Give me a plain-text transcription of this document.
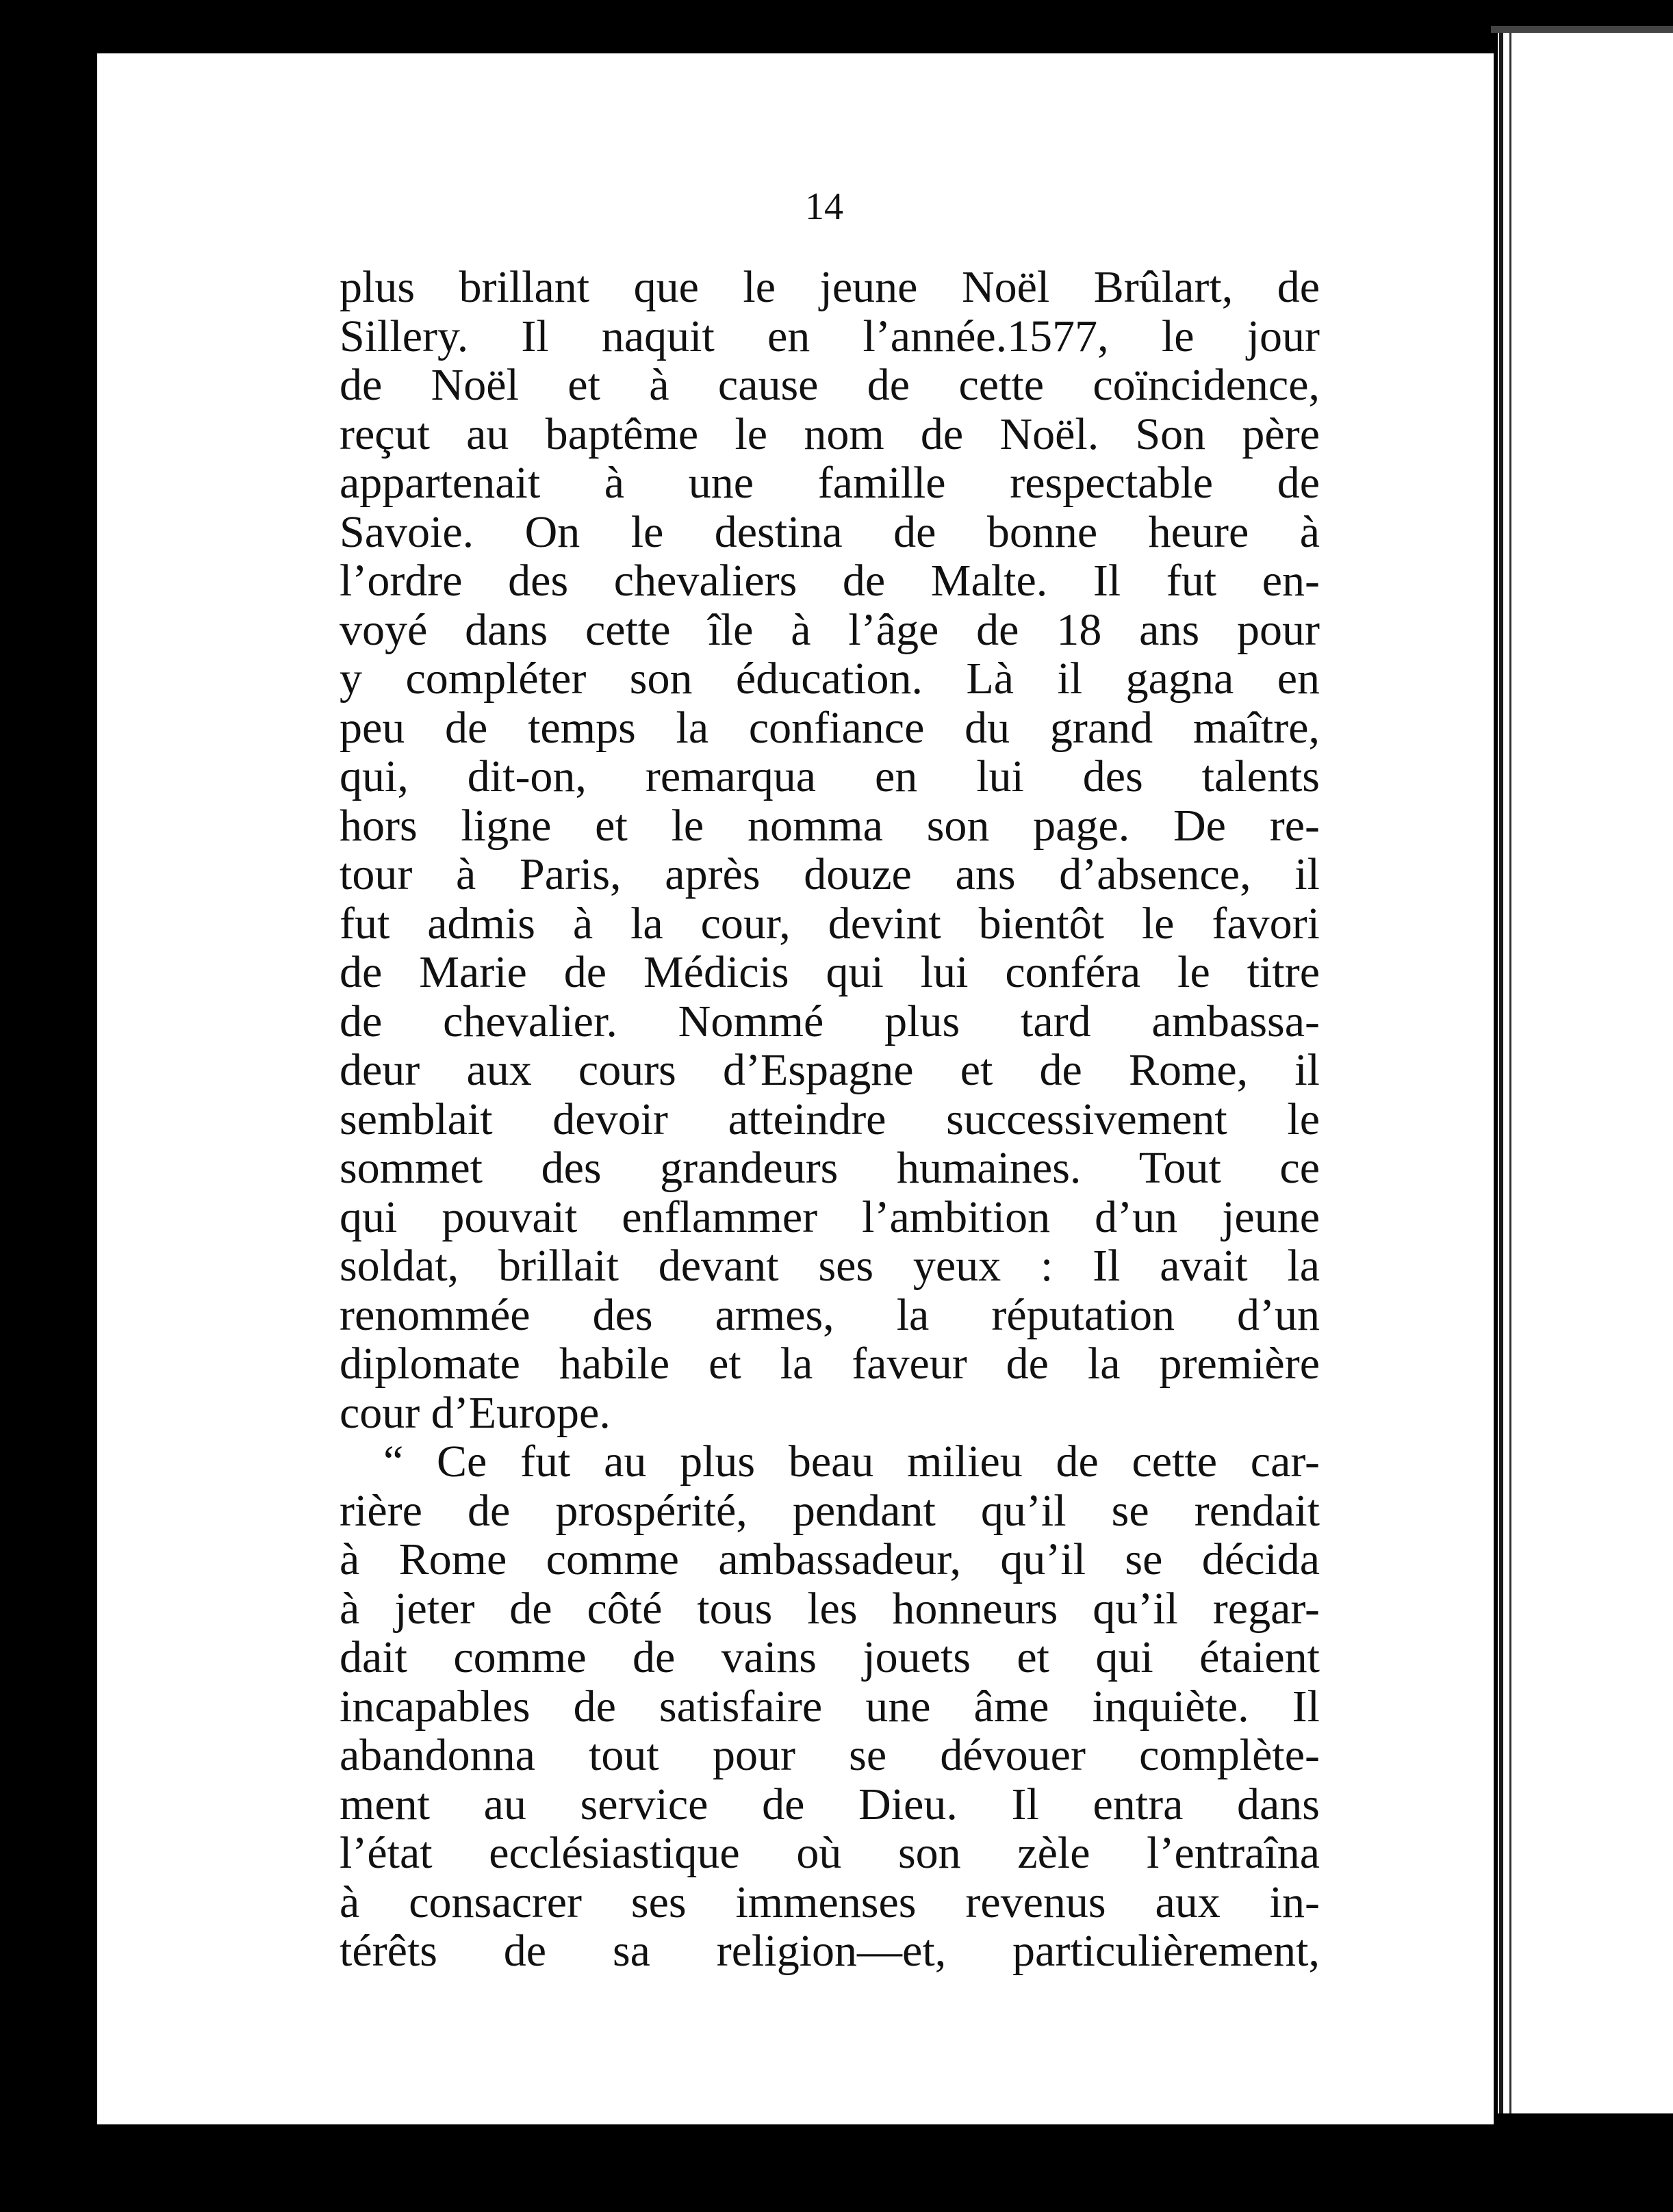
14
plus brillant que le jeune Noël Brûlart, de
Sillery. Il naquit en l’année.1577, le jour
de Noël et à cause de cette coïncidence,
reçut au baptême le nom de Noël. Son père
appartenait à une famille respectable de
Savoie. On le destina de bonne heure à
l’ordre des chevaliers de Malte. Il fut en-
voyé dans cette île à l’âge de 18 ans pour
y compléter son éducation. Là il gagna en
peu de temps la confiance du grand maître,
qui, dit-on, remarqua en lui des talents
hors ligne et le nomma son page. De re-
tour à Paris, après douze ans d’absence, il
fut admis à la cour, devint bientôt le favori
de Marie de Médicis qui lui conféra le titre
de chevalier. Nommé plus tard ambassa-
deur aux cours d’Espagne et de Rome, il
semblait devoir atteindre successivement le
sommet des grandeurs humaines. Tout ce
qui pouvait enflammer l’ambition d’un jeune
soldat, brillait devant ses yeux : Il avait la
renommée des armes, la réputation d’un
diplomate habile et la faveur de la première
cour d’Europe.
“ Ce fut au plus beau milieu de cette car-
rière de prospérité, pendant qu’il se rendait
à Rome comme ambassadeur, qu’il se décida
à jeter de côté tous les honneurs qu’il regar-
dait comme de vains jouets et qui étaient
incapables de satisfaire une âme inquiète. Il
abandonna tout pour se dévouer complète-
ment au service de Dieu. Il entra dans
l’état ecclésiastique où son zèle l’entraîna
à consacrer ses immenses revenus aux in-
térêts de sa religion—et, particulièrement,
